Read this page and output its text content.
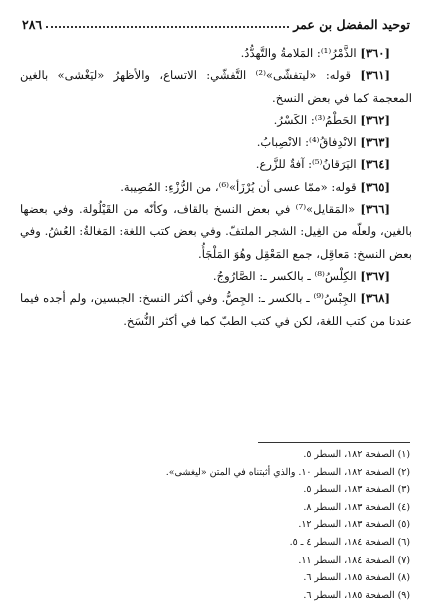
٢٨٦	توحيد المفضل بن عمر

[٣٦٠] الذَّمْرُ⁽¹⁾: المَلامةُ والتَّهدُّدُ.

[٣٦١] قوله: «ليتفشّى»⁽²⁾ التَّفشّي: الاتساع، والأظهرُ «ليَغْشى» بالغين المعجمة كما في بعض النسخ.

[٣٦٢] الحَطْمُ⁽³⁾: الكَسْرُ.

[٣٦٣] الانْدِفاقُ⁽⁴⁾: الانْصِبابُ.

[٣٦٤] اليَرَقانُ⁽⁵⁾: آفةٌ للزَّرع.

[٣٦٥] قوله: «ممّا عسى أن يُرْزَأ»⁽⁶⁾، من الرُّزْءِ: المُصِيبة.

[٣٦٦] «المَقايل»⁽⁷⁾ في بعض النسخ بالقاف، وكأنّه من القَيْلُولة. وفي بعضها بالغين، ولعلّه من الغِيل: الشجر الملتفّ. وفي بعض كتب اللغة: المَغالةُ: العُشُ. وفي بعض النسخ: مَعاقِل، جمع المَعْقِل وهُوَ المَلْجَأُ.

[٣٦٧] الكِلْسُ⁽⁸⁾ ـ بالكسر ـ: الصَّارُوجُ.

[٣٦٨] الجِبْسُ⁽⁹⁾ ـ بالكسر ـ: الجِصُّ. وفي أكثر النسخ: الجبسين، ولم أجده فيما عندنا من كتب اللغة، لكن في كتب الطبّ كما في أكثر النُّسَخ.

(١) الصفحة ١٨٢، السطر ٥.
(٢) الصفحة ١٨٢، السطر ١٠. والذي أثبتناه في المتن «ليغشى».
(٣) الصفحة ١٨٣، السطر ٥.
(٤) الصفحة ١٨٣، السطر ٨.
(٥) الصفحة ١٨٣، السطر ١٢.
(٦) الصفحة ١٨٤، السطر ٤ ـ ٥.
(٧) الصفحة ١٨٤، السطر ١١.
(٨) الصفحة ١٨٥، السطر ٦.
(٩) الصفحة ١٨٥، السطر ٦.
